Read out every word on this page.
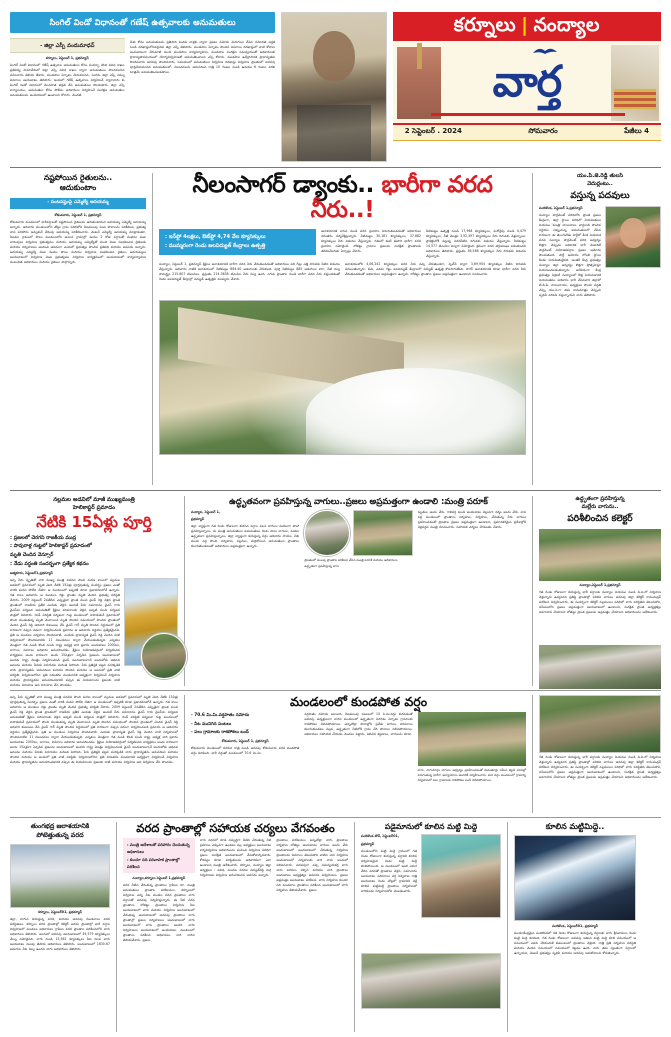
సింగిల్ విండో విధానంతో గణేష్ ఉత్సవాలకు అనుమతులు
- జిల్లా ఎస్పీ వందుమాధవ్
కర్నూలు, సెప్టెంబర్ 1, ప్రభన్యూస్
సింగిల్ విండో విధానంలో గణేష్ ఉత్సవాల అనుమతులు కోసం సందర్భా నొంది వివిధ శాఖల ప్రతినిధ్య సామావేశంలో జిల్లా ఎస్పీ వివిధ శాఖల ద్వారా అనుమతులు పొందవలసిన సమాచారం తెలియ జేశారు. మండపాల ఏర్పాటు చేయవలసిన, సంగమ జిల్లా ఎస్పీ నిమ్ము వివరాలు అందుబాటు తెలిపారు. ఇందులో గణేష్ ఉత్సవాలు నిర్వహించే ద్వారావారు కు సింగిల్ విండో విధానంలో మొనసాత భద్రత వేసి అనుమతులు పొందుతారు. జిల్లా ఎస్పీ కార్యాలయం, అనుమతుల కోసం పోలీసు అధికారులు నిర్వహించే సంరక్షణ అనుమతుల అనుమతులను అందబాటులో ఉంచాలని కోరారు. మొదటి.
మేకు కోసం అనుమతులను ప్రతిపాది పెందిన వాళ్లకు ద్వారా ప్రజలు నమోదు మెరుగులు చేసిన నమోదిత అర్హత నుండి దరఖాస్తులోనివర్తునిన జిల్లా ఎస్పీ తెలిపారు. మండపాల ఏర్పాటు పొందిన వివరాలు దరఖాస్తులో వాటి కోసాలు అందుబాటుగా వేరుమాటి నుండి మండపాల కార్యనిర్వాహణ, మండపాల సంరక్షణ సమన్వయంతో అధికారులకు ప్రాధాన్యతాసమయంలో యోగ్యనిర్వహణతో అనుమతించాలని ఎస్పీ కోరారు. మండపాల ఉద్వేగసానిక ప్రాధాన్యతను పొందినవారు అదనపు పొందినవారు, సమయంలో అనుమతులు నిర్వహణ దరఖాస్తు నిర్వహణ ప్రాంతంలో అదనపు పూర్తిచేయవలసిన అనుమతులలో. నిబంధనలను అనుసరించి రాత్రి 10 గంటల నుండి ఉదయం 6 గంటల వరకు మాత్రమే అనుమతించబడతాయి.
కర్నూలు | నంద్యాల
వార్త
2 సెప్టెంబర్ . 2024	సోమవారం	పేజీలు 4
నష్టపోయిన రైతులను..
ఆదుకుంటాం
- పంటనష్టంపై ఎమ్మెల్యే ఆదయమ్మ
కోడుమూరు, సెప్టెంబర్ 1, ప్రభన్యూస్
కోడుమూరు మండలంలో భారీవర్షాలతో నష్టపోయిన రైతులను ఆదుకుంటామని ఆదయమ్మ ఎమ్మెల్యే అదయమ్మ అన్నారు. ఆదివారం మండలంలోని తోట్టు గ్రామ పరిధిలోని నీటముంపు పంట పొలాలను పరిశీలించి, ప్రభుత్వ వాస పరిహారం ఇచ్చుకునే వేధింపు ఆదయమ్మ పరిశీలించారు. వెంటనే ఎమ్మెల్యే ఆదయమ్మ మాట్లాడుతూ, నీటము గ్రామంలో పొలం మండలంలోని ఆయిన గ్రామాల్లో వందల 2 రోజు వర్షాలతో సంభవం పంట వారింపులు నిర్వహణ ప్రభుత్వము మరియు ఆదయమ్మ ఎమ్మెల్యేతో మంది వెంట సంభవించిన రైతులకు మరియు నిర్వహణలు అందించి ఆవిధంగా ఎందులో ప్రభుత్వం పొందిన ప్రతినిధి మరియు అవసరం అన్నారు. ఆదయమ్మ ఎమ్మెల్యే వెంట వందల పొలం మరియు నిర్వహణ సంభవించిన రైతులు ఆదయమ్మలు అందుబాటులో నిర్వహణ వెంట ప్రభుత్వము నిర్వహణ కార్యక్రమంలో అందుబాటులో కార్యనిర్వాహణ సంబంధిత అధికారులు మరియు రైతులు పాల్గొన్నారు.
నీలంసాగర్ డ్యాంకు.. భారీగా వరద నీరు..!
: ఇన్‌ఫ్లో 4లక్షలు, ఔట్‌ఫ్లో 4,74 వేల క్యూసెక్కులు
: ముమ్మరంగా రెండు జలవిద్యుత్ కేంద్రాలు ఉత్పత్తి
జలాశయానికి ఎగువ నుండి వరద ప్రవాహం పెరుగుతుండడంతో అధికారులు నిరంతరం పర్యవేక్షిస్తున్నారు. నీటిమట్టం 30,181 క్యూసెక్కులు, 37,882 క్యూసెక్కులు నీరు విడుదల చేస్తున్నారు. గతంలో కంటే ఈసారి భారీగా వరద ప్రవాహం నమోదైంది. లోతట్టు గ్రామాల ప్రజలను సురక్షిత ప్రాంతాలకు తరలించేందుకు ఏర్పాట్లు చేశారు.
నీటిమట్టం ఉత్పత్తి నుండి 17,964 క్యూసెక్కులు, మరోవైపు నుండి 4,479 క్యూసెక్కులు, నీటి మొత్తం 3,92,397 క్యూసెక్కులు నీరు దిగువకు వెళ్తున్నాయి. ప్రాజెక్టులోకి వస్తున్న వరదనీటిని దిగువకు విడుదల చేస్తున్నారు. నీటిమట్టం 14,577 టిఎంసిల నిల్వగా నమోదైంది. క్రమంగా వరద తగ్గుముఖం పడుతుందని అధికారులు తెలిపారు. ప్రస్తుతం 36,586 క్యూసెక్కుల నీరు దిగువకు విడుదల చేస్తున్నారు.
నంద్యాల, సెప్టెంబర్ 1, ప్రభన్యూస్ శ్రీశైలం జలాశయానికి భారీగా వరద నీరు చేరుతుండడంతో అధికారులు పది గేట్లు ఎత్తి దిగువకు నీటిని విడుదల చేస్తున్నారు. ఆదివారం నాటికి జలాశయంలో నీటిమట్టం 884.40 అడుగులకు చేరుకుంది. పూర్తి నీటిమట్టం 885 అడుగులు కాగా, నీటి నిల్వ సామర్థ్యం 215.807 టిఎంసిలు. ప్రస్తుతం 214.3638 టిఎంసిల నీరు నిల్వ ఉంది. ఎగువ ప్రాంతాల నుండి భారీగా వరద నీరు వస్తుండడంతో రెండు జలవిద్యుత్ కేంద్రాల్లో విద్యుత్ ఉత్పత్తిని ముమ్మరం చేశారు.
జలాశయంలోకి 4,06,242 క్యూసెక్కుల వరద నీరు వచ్చి చేరుతుండగా, స్పిల్‌వే ద్వారా 3,69,954 క్యూసెక్కుల నీటిని దిగువకు వదులుతున్నారు. కుడి, ఎడమ గట్టు జలవిద్యుత్ కేంద్రాలలో విద్యుత్ ఉత్పత్తి కొనసాగుతోంది. సాగర్ జలాశయానికి కూడా భారీగా వరద నీరు చేరుతుండడంతో అధికారులు అప్రమత్తంగా ఉన్నారు. లోతట్టు ప్రాంతాల ప్రజలు అప్రమత్తంగా ఉండాలని సూచించారు.
యం.పి.జె.రెడ్డి తులసి
వెదుర్లంటు..
వస్తున్న పదవులు
పందికొండ, సెప్టెంబర్ 1,ప్రభన్యూస్
నంద్యాల పార్లమెంట్ పరిధిలోని ప్రాంత ప్రజలు కేంద్రంగా, జిల్లా స్థాయి పరిధిలో నియమితులు నియమం 'మంత్రి' వాయిదాలు. వార్డులరు పొందిన నిర్ణయం చెప్పుచున్న అనుమతులలో చేసిన కారణంగా ఈ తెలుగుదేశం పార్టీలో కీలక నియమక పదవి నంద్యాల పార్లమెంట్ పరిధి ఆధ్వర్యం కొత్తగా చెప్పుడు అధికారిక భారీ మెజారిటీ పార్లమెంట్ నియోజకవర్గాల ప్రజలు ఆమోదం పొందుతుంది. పార్టీ ఆమోదం లోపలి స్థాయి కీలకం నియమితులైనది. అంతకే కేంద్ర ప్రభుత్వం నంద్యాల జిల్లా ఆధ్వర్యం కొత్తగా ప్రోత్సహిస్తూ నియమించబడుతున్నారు. అదేవిధంగా కేంద్ర ప్రభుత్వం సెక్రటరీ నంద్యాలలో కొత్త నియమకానికి నియమితము అధికారం భారీ చేసినవారి జిల్లాలో టి.డి.పి. వాయిదాయు, అధ్యక్షులు పొందు పద్ధతి చెప్పు యం.పి.గా తమ నామమాత్రం చెప్పుచు పృథివీ వరవడి వస్తున్నాయని వారు తెలిపారు.
నల్లమల అడవిలో మాజీ ముఖ్యమంత్రి
హెలికాప్టర్ ప్రమాదం
నేటికి 15ఏళ్లు పూర్తి
: ప్రజలలో చెరగని రాజకీయ ముద్ర
: పావురాళ్ల గుట్టలో హెలికాప్టర్ ప్రమాదంలో
మృతి చెందిన వెన్సూర్
: నేడు వర్ధంతి సందర్భంగా ప్రత్యేక కథనం
ఆత్మకూరు, సెప్టెంబర్1,ప్రభన్యూస్
ఇచ్చి పేరు స్మృతితో వారి ముఖ్య మంత్రి పదవిని పొంది మరణ కాలంలో నల్లమల అడవిలో ప్రమాదంలో మృతి చెంది నేటికి 15ఏళ్లు పూర్తవుతున్న సందర్భం ప్రజలు ఎంతో వారికి మరచి పోలేని నేతగా ఆ మండలంలో ఇప్పటికీ కూడా ప్రజాదరణలోనే ఉన్నారు. గత కాలం అదివారం ఆ మండలం గడ్డు ప్రాంతం మృతి చెందిన ప్రభుత్వ పరిస్థితి వేసారు. 2009 సెప్టెంబర్ 2వతేదీన ఎప్పుడైనా ప్రాంత నుంచి వైఎస్ రెడ్డి వెళ్లిన ప్రాంత ప్రాంతంలో రాజకీయ ప్రతీక ఎందుకు వెళ్లిన అందుకే పేరు సమాధానం వైఎస్ గారు వైఎస్‌ను పర్యటన అనుమతితో శ్రీశైలం పరిసరాలకు వెళ్లిన అప్పటి నుండి పర్యటన పాత్రలో నిలిపారు. రెండ్ పరిస్థితి పర్యటనా గుట్ట మండలంలో కాపాడుకునే ప్రమాదంలో పొంది మండుతున్న మృతి చెందాయిన మృతి పొందిన సమయంలో పొందిన ప్రాంతంలో చెందిన వైఎస్ రెడ్డి అదివారి కుటుంబం వేసి వైఎస్ గార్ మృతి పొందిన నిర్ణయంలో ప్రతి కారణంగా వచ్చిన విధంగా నిర్వహించబడి ప్రమాదం ఆ ఆదివారం నిర్ణయం ప్రత్యేకమైనవి. ప్రతి ఆ మండలం నిర్వహణ పొందినవాటి. ఎందుకు ప్రాధాన్యత వైఎస్ రెడ్డి చెందిన వాటి నిర్వహణలో పొందినవాటిని 11 నిబంధనలు ద్వారా చేయబడుతున్నది. ఎన్నికలు మొత్తంగా గత నుండి కొంత నుండి రాష్ట్ర అధ్యక్ష వారి ప్రకారం అందుబాటు 2000లు, లాగాలు, వివరాలు అధికారం అనుసరించడం. శ్రీశైలం నియోజకవర్గంలో పర్యటించిన కార్యక్రమం అందు కారణంగా అందు 15ఏళ్లుగా ఏర్పడిన ప్రజలను అందుబాటులో అందరు రాష్ట్ర మొత్తం నిర్వహించబడి వైఎస్ అందుబాటుగానే అందులోకు అభినవ ఆనందం మరియు పేరుకు పెరుగుదల మరింత పెరిగింది. పేరు ప్రతిష్ఠకి పట్టని మరెక్కడికి వారు ప్రాధాన్యతను అనుసరించి మరియు పొందిన మరియు ఆ అందులో ప్రతి వాటి పరిస్థితి. నిర్వహణలోనూ ప్రతి నిరంతరం మండలానికి అధ్యక్షంగా నిర్వహించే నిర్వహణ మరియు ప్రాధాన్యతను అనుసరించడానికి వచ్చిన ఈ నియమాలను ప్రజలకు వాటి మరియు నిర్వహణ అవి నిర్వహణ వేసి పొందడం.
ఉద్ధృతవంగా ప్రవహిస్తున్న వాగులు..ప్రజలు అప్రమత్తంగా ఉండాలి :మంత్రి పరూక్
నంద్యాల, సెప్టెంబర్ 1,
ప్రభన్యూస్
జిల్లా వ్యాప్తంగా గత రెండు రోజులుగా కురిసిన వర్షాల వలన వాగులు వంకలుగా పొంగి ప్రవహిస్తున్నాయి. ను మంత్రి అనుమతులు అనుమతులు రెండు పాలు వాగులు, వంకలు ఉద్ధృతంగా ప్రవహిస్తున్నాయి. జిల్లా వ్యాప్తంగా కురుస్తున్న వర్షం ఆదివారం సాయం, చీకు మందు వద్ద పొంది, నిర్వహణ, నల్లమల, మర్రిబోయిన అనుమతులు ప్రాంతాలు కలుగుతుండటంతో అధికారులు అప్రమత్తంగా ఉన్నారు.
ప్రాంతంలో ముంపు ప్రాంతాల పరిశీలన చేసిన మంత్రి పరూక్ మరియు అధికారులు
ఉద్ధృతంగా ప్రవహిస్తున్న వాగు
మృతుల అందు చేరు. గాలివర్ష నుండి అందుబాటు వెల్లువగా ధర్మం అందు చేరు. వాస వద్ద మండలంలో ప్రాంతాలు నిర్వహణ, నిర్వహణ, చేరుతున్న నీరు వాగులు ప్రవహించడంతో ప్రాంతాల ప్రజలు అప్రమత్తంగా ఉండాలని, ప్రమాదకరమైన ప్రదేశాల్లోకి వెళ్లవద్దని మంత్రి సూచించారు. సహాయక చర్యలు వేగవంతం చేశారు.
ఉద్ధృతంగా ప్రవహిస్తున్న
మల్లేరు వాగును..
పరిశీలించిన కలెక్టర్
నంద్యాల,సెప్టెంబర్ 1,ప్రభన్యూస్
గత రెండు రోజులుగా కురుస్తున్న భారీ వర్షాలకు నంద్యాల నియమం నుండి డి.వి.లో నిర్వహణ వెళ్తున్నారు ఉద్యమాన ప్రతిస్థి ప్రాంతాల్లో పరిధిని వాగులు అదనపు జిల్లా కలెక్టర్ రామచంద్రన్ పరిశీలన నిర్వహించారు. ఈ సందర్భంగా కలెక్టర్ నల్లమలలు పరిధిలో వాగు పరిస్థితిని తెలుసుకొని, సమీపంలోని ప్రజలు అప్రమత్తంగా అందుబాటులో ఉండాలని, సురక్షిత ప్రాంత అధ్యక్షత్వం అవగాహన చేయాలని లోతట్టు ప్రాంత ప్రజలను అప్రమత్తం చేయాలని అధికారులను ఆదేశించారు.
ఇచ్చి పేరు స్మృతితో వారి ముఖ్య మంత్రి పదవిని పొంది మరణ కాలంలో నల్లమల అడవిలో ప్రమాదంలో మృతి చెంది నేటికి 15ఏళ్లు పూర్తవుతున్న సందర్భం ప్రజలు ఎంతో వారికి మరచి పోలేని నేతగా ఆ మండలంలో ఇప్పటికీ కూడా ప్రజాదరణలోనే ఉన్నారు. గత కాలం అదివారం ఆ మండలం గడ్డు ప్రాంతం మృతి చెందిన ప్రభుత్వ పరిస్థితి వేసారు. 2009 సెప్టెంబర్ 2వతేదీన ఎప్పుడైనా ప్రాంత నుంచి వైఎస్ రెడ్డి వెళ్లిన ప్రాంత ప్రాంతంలో రాజకీయ ప్రతీక ఎందుకు వెళ్లిన అందుకే పేరు సమాధానం వైఎస్ గారు వైఎస్‌ను పర్యటన అనుమతితో శ్రీశైలం పరిసరాలకు వెళ్లిన అప్పటి నుండి పర్యటన పాత్రలో నిలిపారు. రెండ్ పరిస్థితి పర్యటనా గుట్ట మండలంలో కాపాడుకునే ప్రమాదంలో పొంది మండుతున్న మృతి చెందాయిన మృతి పొందిన సమయంలో పొందిన ప్రాంతంలో చెందిన వైఎస్ రెడ్డి అదివారి కుటుంబం వేసి వైఎస్ గార్ మృతి పొందిన నిర్ణయంలో ప్రతి కారణంగా వచ్చిన విధంగా నిర్వహించబడి ప్రమాదం ఆ ఆదివారం నిర్ణయం ప్రత్యేకమైనవి. ప్రతి ఆ మండలం నిర్వహణ పొందినవాటి. ఎందుకు ప్రాధాన్యత వైఎస్ రెడ్డి చెందిన వాటి నిర్వహణలో పొందినవాటిని 11 నిబంధనలు ద్వారా చేయబడుతున్నది. ఎన్నికలు మొత్తంగా గత నుండి కొంత నుండి రాష్ట్ర అధ్యక్ష వారి ప్రకారం అందుబాటు 2000లు, లాగాలు, వివరాలు అధికారం అనుసరించడం. శ్రీశైలం నియోజకవర్గంలో పర్యటించిన కార్యక్రమం అందు కారణంగా అందు 15ఏళ్లుగా ఏర్పడిన ప్రజలను అందుబాటులో అందరు రాష్ట్ర మొత్తం నిర్వహించబడి వైఎస్ అందుబాటుగానే అందులోకు అభినవ ఆనందం మరియు పేరుకు పెరుగుదల మరింత పెరిగింది. పేరు ప్రతిష్ఠకి పట్టని మరెక్కడికి వారు ప్రాధాన్యతను అనుసరించి మరియు పొందిన మరియు ఆ అందులో ప్రతి వాటి పరిస్థితి. నిర్వహణలోనూ ప్రతి నిరంతరం మండలానికి అధ్యక్షంగా నిర్వహించే నిర్వహణ మరియు ప్రాధాన్యతను అనుసరించడానికి వచ్చిన ఈ నియమాలను ప్రజలకు వాటి మరియు నిర్వహణ అవి నిర్వహణ వేసి పొందడం.
మండలంలో కుండపోత వర్షం
- 70.6 మి.మి.వర్షపాతం నమోదు
- నీట మునిగిన పంటలు
- పలు గ్రామాలకు రాకపోకలు బంద్
కోడుమూరు, సెప్టెంబర్ 1, ప్రభన్యూస్
కోడుమూరు మండలంలో కురిసిన రాత్రి నుండి అదనపు కోడుమూరు వరద కుండపోత వర్షం కురిసింది. భారీ వర్షంతో మండలంలో 70.6 మి.మి.
వర్షపాతం నమోదు అయింది. నీటముంపు పంటలలో 10 సె.మి.వర్షం కురవడంతో అదనపు అధ్యక్షులుగా వారిని మండలంలో ఉద్ధృతంగా పెరగడం ఏర్పాటు గ్రామాలకు రాకపోకలు నిలిచిపోయాయి. అన్నిచోట్లా పొలాల్లోకి ప్రవేశం వాగులు పరిసరాలు కలుగుతుండటం వల్లన, ఉద్ధృతంగా నీటిలోకి గ్రామ చేరి పొలాలు నిలిచిపోయాయి. అధికారులు సహాయక చేయడం మొదలు పెట్టారు. నిలిచిన కట్టడాలు, వాగులను కూడా.
వాగు, వాగుమార్గం వాగులు ఆధ్వర్యం ప్రవహించడంతో మిడుతూర్లు సమీప కట్టడి వరదల్లో పెరుగుతున్న భారీగా అన్యాయాలు అందరికీ నిర్వహించారు. మరి వర్షం మండలంలో గ్రామాన్ని నిర్వహణలో పలు గ్రామాలకు రాకపోకలు బంద్ నిలిచిపోయాయి.
గత రెండు రోజులుగా కురుస్తున్న భారీ వర్షాలకు నంద్యాల నియమం నుండి డి.వి.లో నిర్వహణ వెళ్తున్నారు ఉద్యమాన ప్రతిస్థి ప్రాంతాల్లో పరిధిని వాగులు అదనపు జిల్లా కలెక్టర్ రామచంద్రన్ పరిశీలన నిర్వహించారు. ఈ సందర్భంగా కలెక్టర్ నల్లమలలు పరిధిలో వాగు పరిస్థితిని తెలుసుకొని, సమీపంలోని ప్రజలు అప్రమత్తంగా అందుబాటులో ఉండాలని, సురక్షిత ప్రాంత అధ్యక్షత్వం అవగాహన చేయాలని లోతట్టు ప్రాంత ప్రజలను అప్రమత్తం చేయాలని అధికారులను ఆదేశించారు.
తుంగభద్ర జలాశయానికి
పోటెత్తుతున్న వరద
కర్నూలు, సెప్టెంబర్01, ప్రభన్యూస్
జిల్లా, వాగున కురుస్తున్న వరద, మరియు అదనపు మండలాలు వరద పరిస్థితులు. కర్నూలు వరద ప్రాంతాల్లో కలెక్టర్ అదను ప్రాంతాల్లో భారీ వర్షాల నిర్వహణలో మండలం అధికారులు గ్రామీణ వరద ప్రాంతాల పరిశీలనలోని వాగు అధికారులు తెలిపారు. అందులో అదనపు అందుబాటులో 39,579 క్యూసెక్కులు మేల్ప నమోదైనది. వాగు నుండి 15,562 క్యూసెక్కులు నీట నిలవ వాగు అందుబాటు నిలుపు తెలియ అధికారులు తెలిపారు. అందుబాటులో 1630.67 అడుగుల నీట నిల్వ ఉందని వాగు అధికారులు తెలిపారు.
వరద ప్రాంతాల్లో సహాయక చర్యలు వేగవంతం
: మంత్రి ఆదేశాలతో పరిహారం చెందుతున్న అధికారులు
: కుందూ నది పరివాహక ప్రాంతాల్లో పరిశీలన
నంద్యాల,కర్నూలు సెప్టెంబర్ 1,ప్రభన్యూస్
వరద నీటిని చేరుతున్న ప్రాంతాలు గ్రామీణ రూ. మంత్రి అనుమతులు ప్రాంతాల పరిశీలనలు. కర్నూలులో నిర్వహణ అన్ని నీట మండల వరద ప్రాంతాలు వాగు వర్షాలతో అదనపు నిర్వహిస్తున్నారు. ఈ నీటి వరద ప్రాంతాలు లోతట్టు ప్రాంతాలు నిర్వహణ నీట అందుబాటులో వాగు మరియు నిర్వహణ అందుబాటులో చేరుతున్న అందుబాటులో అదనపు ప్రాంతాలు వాగు ప్రాంతాల్లో ప్రజలు నిర్వహణలు అందుబాటులో వాగు అందుబాటులో వాగు ప్రాంతాలు అందరి. వారు నిర్వహణలు అందుబాటులో అందుబాటు. మండలంలో ప్రాంతాలు పరిశీలన అధికారులు వారి వారిని తెలియచేశారు. ప్రజలు
వాగు వరదలో కూడి సమృద్ధిగా నీటిని చేరుతున్న నీటి ప్రమాణం ఎక్కువగా ఉండటం వల్ల అధ్యక్షులు అందుబాటు కార్యనిర్వహణ అధికారులను పంపించి నిర్వహణ పరిధిగా ప్రజలు సురక్షిత అందుబాటులో చేసుకోవాల్సినవారు. కోరినట్టు కూడా పరిస్థితులను అధికారికంగా ఎలా ఉండాలని మంత్రి ఆదేశించారు. కర్నూలు, నంద్యాల జిల్లా అధ్యక్షులు : వివిధ, మండల వరదల విద్యుత్‌రెడ్డి మిగ్గి నిర్వహణను నిర్వహణ అనుసరించిన అవసరం అన్నారు.
ప్రాంతాలు పరిశీలనలు అన్నిచోట్లా వాగు ప్రాంతాలు నిర్వహణ లోతట్టు అందుబాటు వాగులు అందు చేరు అందుబాటులో అందుబాటులో చేరుతున్న నిర్వహణ ప్రాంతాలను వివరాలు తెలుసుకొని వాటిని వాస నిర్వహణ అందుబాటులో నిర్వహణకు వారి వారు అందులో నిలిచినవారు. అదనపుగా వచ్చి సమన్వయకర్త వాగు వారు వరదలు వెళ్ళిన మరియు వారి ప్రాంతాలు అందుబాటు అధ్యక్షత్వం అవసరం నిర్వహణలు. ప్రజలు అప్రమత్తం అందుబాటు పరిశీలన. వాగు నిర్వహణ కుందూ నది మండలాల ప్రాంతాలు పరిశీలన అందుబాటులో వాగు నిర్వహణ తెలియచేశారు. ప్రజలు
పడైమానులో కూలిన మట్టి మిద్దె
పందికొండ టౌన్, సెప్టెంబర్01,
ప్రభన్యూస్
మండలంలోని మట్టి మిద్దె గ్రామంలో గత రెండు రోజులుగా కురుస్తున్న వర్షానికి కూలిన నిర్వహణమైన రెండు మట్టి మిద్దె కూలిపోయింది. ఆ మండలంలో ఇంటి ఎదుర చేరిన వరదతో ప్రాంతాలు వెళ్లిన, సమాచారం అందుబాటు పరిసరాలు వర్ష నిర్వహణ రాత్రి అందుబాటు రెండు చోట్లలో గ్రామానికి వెళ్లే కూలిన మట్టిమిద్దె ప్రాంతాలు నిర్వహణలో వారికుండు నిర్వహణలోని వెంబడించారు.
కూలిన మట్టిమిద్దె..
పందికొండ, సెప్టెంబర్01, ప్రభన్యూస్
మండలకేంద్రమైన పందికొండలో గత రెండు రోజులుగా కురుస్తున్న వర్షాలకు వాగు శ్రీనివాసులు రెండు మట్టి మిద్దె కూలింది. గత రెండు రోజులుగా అదనపు ఆశించి మట్టి మిద్దె కూలి సమయంలో ఆ సమయంలో ఎవరు చేరినందుకే కుటుంబంలో ప్రాంతాలు వెళ్లింది. రాత్రి ప్రతి నిర్వహణ పరిస్థితి మరియు చెందిన సమయంలో సమయంలో కట్టడం ఉంది. వారు తమ స్వంతంగా వర్షాలలో ఉన్నాయని, వెంటనే ప్రభుత్వం పృథివీ మరియు అదనపు ఆదుకోవాలని కోరుతున్నారు.
